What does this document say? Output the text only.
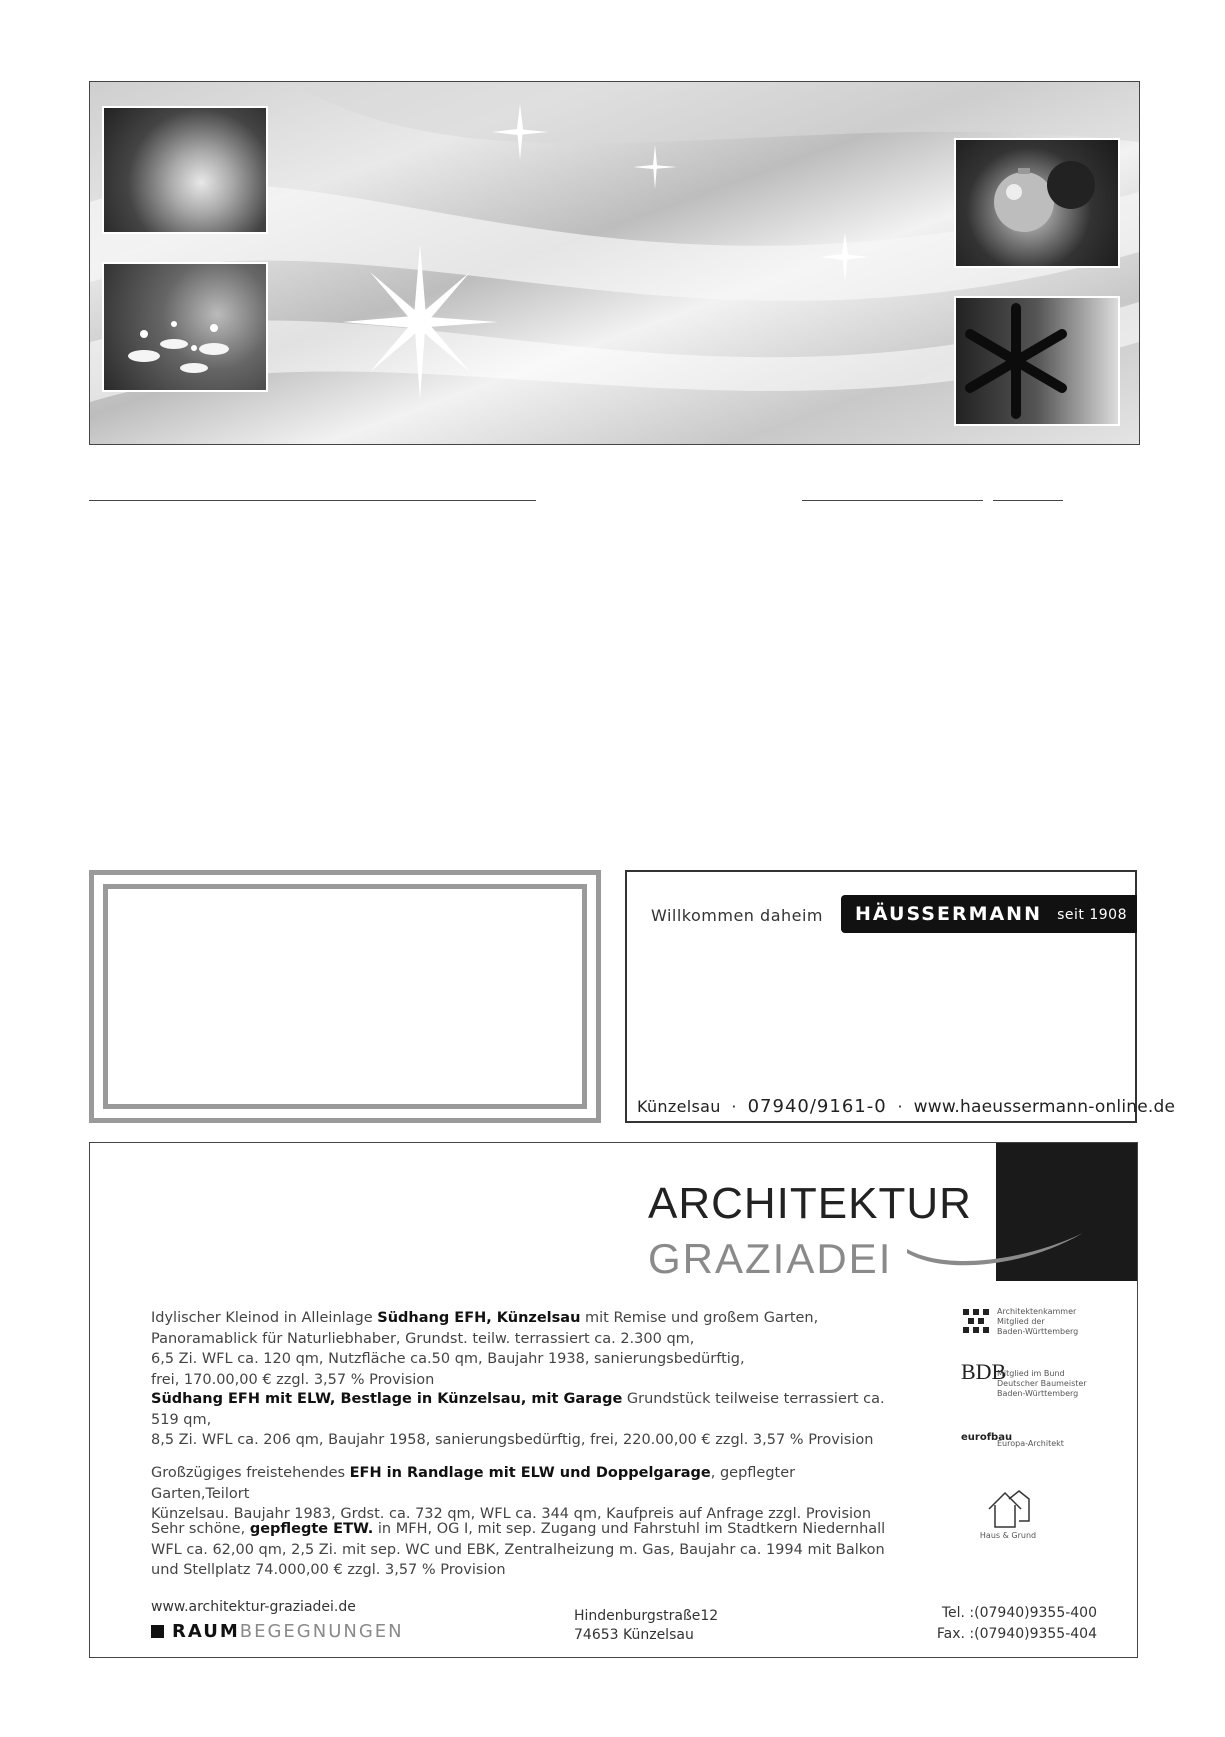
Willkommen daheim HÄUSSERMANN seit 1908
Künzelsau  ·  07940/9161-0  ·  www.haeussermann-online.de
ARCHITEKTUR
GRAZIADEI
Idylischer Kleinod in Alleinlage Südhang EFH, Künzelsau mit Remise und großem Garten,
Panoramablick für Naturliebhaber, Grundst. teilw. terrassiert ca. 2.300 qm,
6,5 Zi. WFL ca. 120 qm, Nutzfläche ca.50 qm, Baujahr 1938, sanierungsbedürftig,
frei, 170.00,00 € zzgl. 3,57 % Provision
Südhang EFH mit ELW, Bestlage in Künzelsau, mit Garage Grundstück teilweise terrassiert ca. 519 qm,
8,5 Zi. WFL ca. 206 qm, Baujahr 1958, sanierungsbedürftig, frei, 220.00,00 € zzgl. 3,57 % Provision
Großzügiges freistehendes EFH in Randlage mit ELW und Doppelgarage, gepflegter Garten,Teilort
Künzelsau. Baujahr 1983, Grdst. ca. 732 qm, WFL ca. 344 qm, Kaufpreis auf Anfrage zzgl. Provision
Sehr schöne, gepflegte ETW. in MFH, OG I, mit sep. Zugang und Fahrstuhl im Stadtkern Niedernhall
WFL ca. 62,00 qm, 2,5 Zi. mit sep. WC und EBK, Zentralheizung m. Gas, Baujahr ca. 1994 mit Balkon
und Stellplatz 74.000,00 € zzgl. 3,57 % Provision
Architektenkammer
Mitglied der
Baden-Württemberg
BDB
Mitglied im Bund
Deutscher Baumeister
Baden-Württemberg
eurofbau
Europa-Architekt
Haus & Grund
www.architektur-graziadei.de
RAUMBEGEGNUNGEN
Hindenburgstraße12
74653 Künzelsau
Tel. :(07940)9355-400
Fax. :(07940)9355-404
